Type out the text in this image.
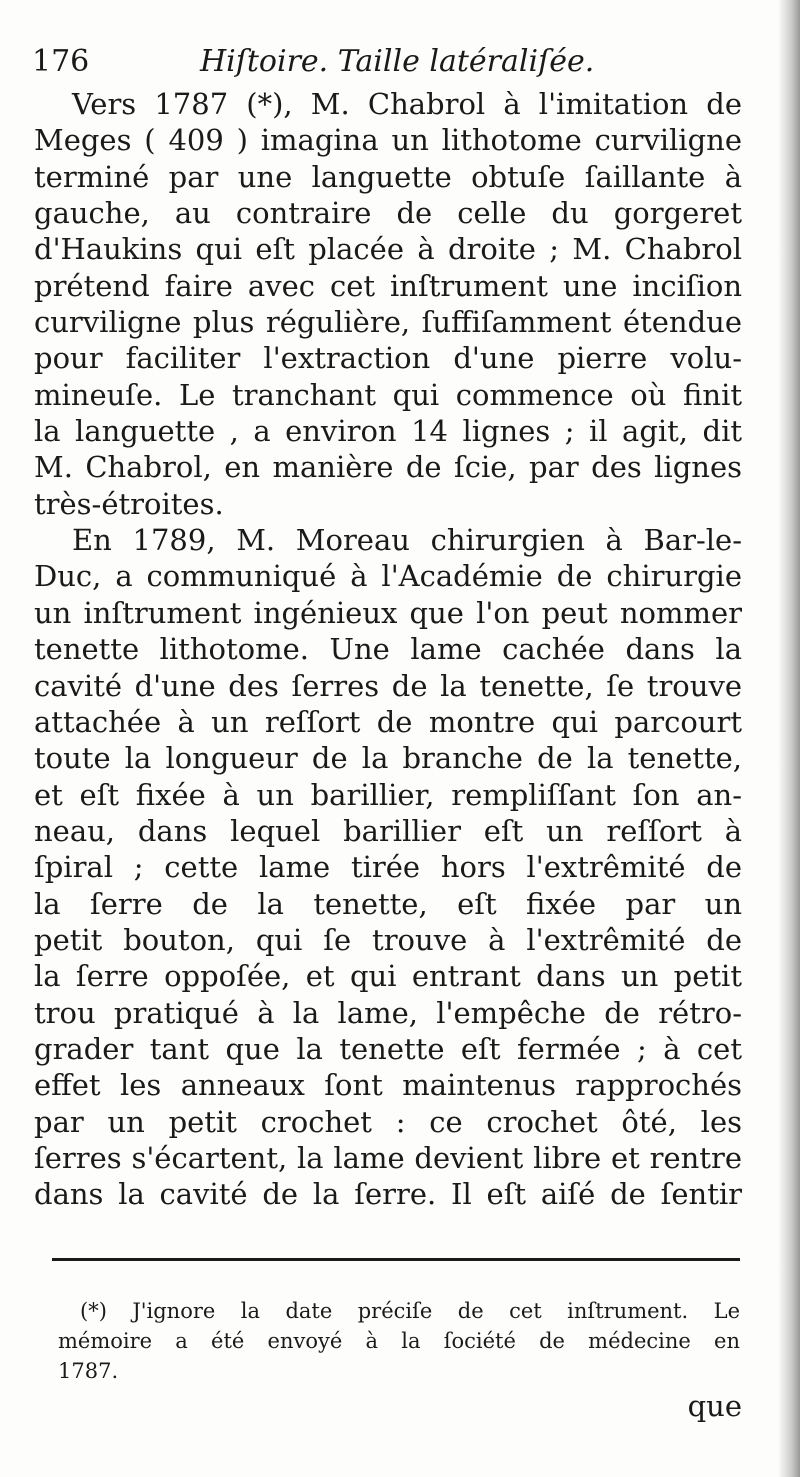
176	Hiſtoire. Taille latéraliſée.
Vers 1787 (*), M. Chabrol à l'imitation de
Meges ( 409 ) imagina un lithotome curviligne
terminé par une languette obtuſe ſaillante à
gauche, au contraire de celle du gorgeret
d'Haukins qui eſt placée à droite ; M. Chabrol
prétend faire avec cet inſtrument une inciſion
curviligne plus régulière, ſuffiſamment étendue
pour faciliter l'extraction d'une pierre volu-
mineuſe. Le tranchant qui commence où finit
la languette , a environ 14 lignes ; il agit, dit
M. Chabrol, en manière de ſcie, par des lignes
très-étroites.
En 1789, M. Moreau chirurgien à Bar-le-
Duc, a communiqué à l'Académie de chirurgie
un inſtrument ingénieux que l'on peut nommer
tenette lithotome. Une lame cachée dans la
cavité d'une des ſerres de la tenette, ſe trouve
attachée à un reſſort de montre qui parcourt
toute la longueur de la branche de la tenette,
et eſt fixée à un barillier, rempliſſant ſon an-
neau, dans lequel barillier eſt un reſſort à
ſpiral ; cette lame tirée hors l'extrêmité de
la ſerre de la tenette, eſt fixée par un
petit bouton, qui ſe trouve à l'extrêmité de
la ſerre oppoſée, et qui entrant dans un petit
trou pratiqué à la lame, l'empêche de rétro-
grader tant que la tenette eſt fermée ; à cet
effet les anneaux ſont maintenus rapprochés
par un petit crochet : ce crochet ôté, les
ſerres s'écartent, la lame devient libre et rentre
dans la cavité de la ſerre. Il eſt aiſé de ſentir
(*) J'ignore la date préciſe de cet inſtrument. Le
mémoire a été envoyé à la ſociété de médecine en
1787.
que
